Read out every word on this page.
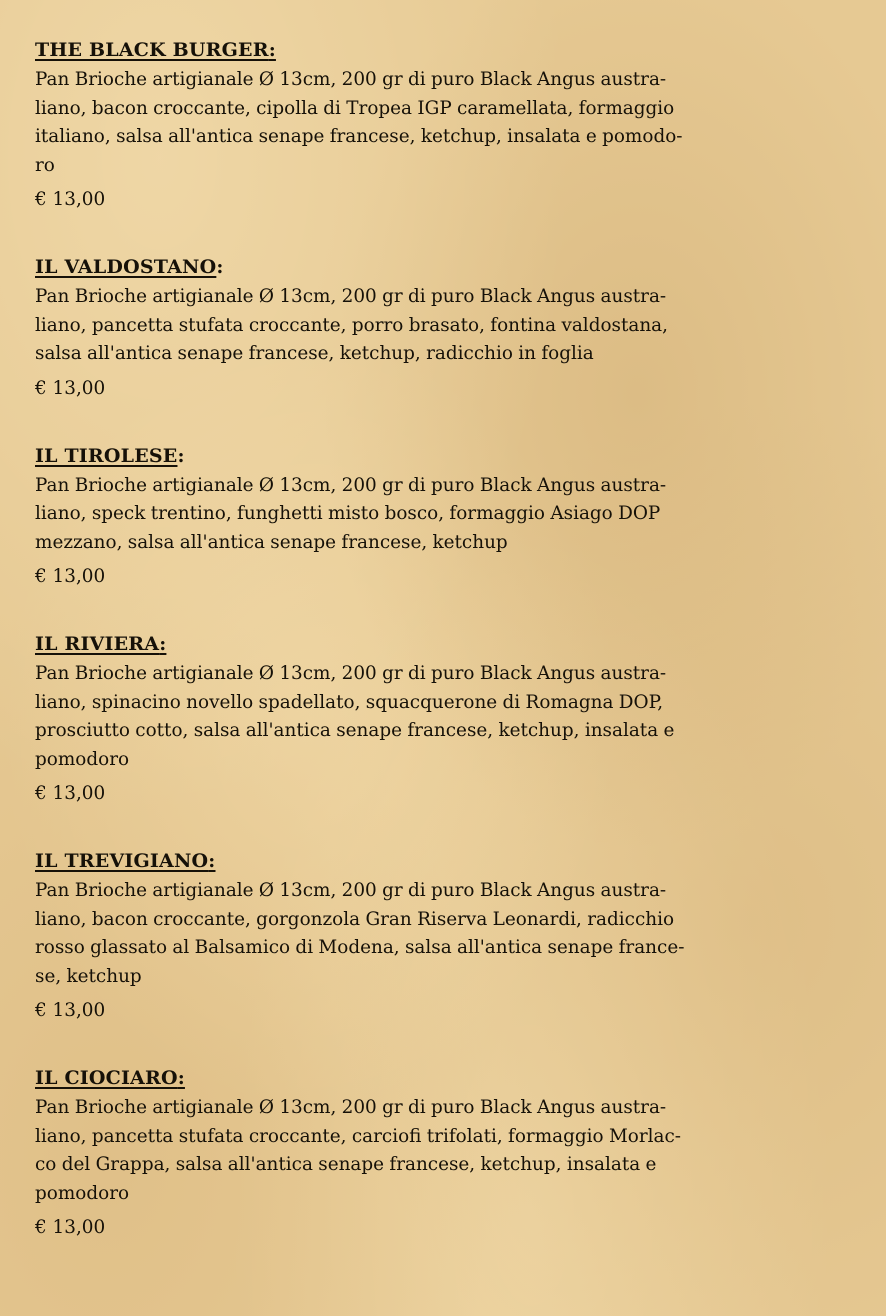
THE BLACK BURGER:
Pan Brioche artigianale Ø 13cm, 200 gr di puro Black Angus austra-
liano, bacon croccante, cipolla di Tropea IGP caramellata, formaggio
italiano, salsa all'antica senape francese, ketchup, insalata e pomodo-
ro
€ 13,00
IL VALDOSTANO:
Pan Brioche artigianale Ø 13cm, 200 gr di puro Black Angus austra-
liano, pancetta stufata croccante, porro brasato, fontina valdostana,
salsa all'antica senape francese, ketchup, radicchio in foglia
€ 13,00
IL TIROLESE:
Pan Brioche artigianale Ø 13cm, 200 gr di puro Black Angus austra-
liano, speck trentino, funghetti misto bosco, formaggio Asiago DOP
mezzano, salsa all'antica senape francese, ketchup
€ 13,00
IL RIVIERA:
Pan Brioche artigianale Ø 13cm, 200 gr di puro Black Angus austra-
liano, spinacino novello spadellato, squacquerone di Romagna DOP,
prosciutto cotto, salsa all'antica senape francese, ketchup, insalata e
pomodoro
€ 13,00
IL TREVIGIANO:
Pan Brioche artigianale Ø 13cm, 200 gr di puro Black Angus austra-
liano, bacon croccante, gorgonzola Gran Riserva Leonardi, radicchio
rosso glassato al Balsamico di Modena, salsa all'antica senape france-
se, ketchup
€ 13,00
IL CIOCIARO:
Pan Brioche artigianale Ø 13cm, 200 gr di puro Black Angus austra-
liano, pancetta stufata croccante, carciofi trifolati, formaggio Morlac-
co del Grappa, salsa all'antica senape francese, ketchup, insalata e
pomodoro
€ 13,00
